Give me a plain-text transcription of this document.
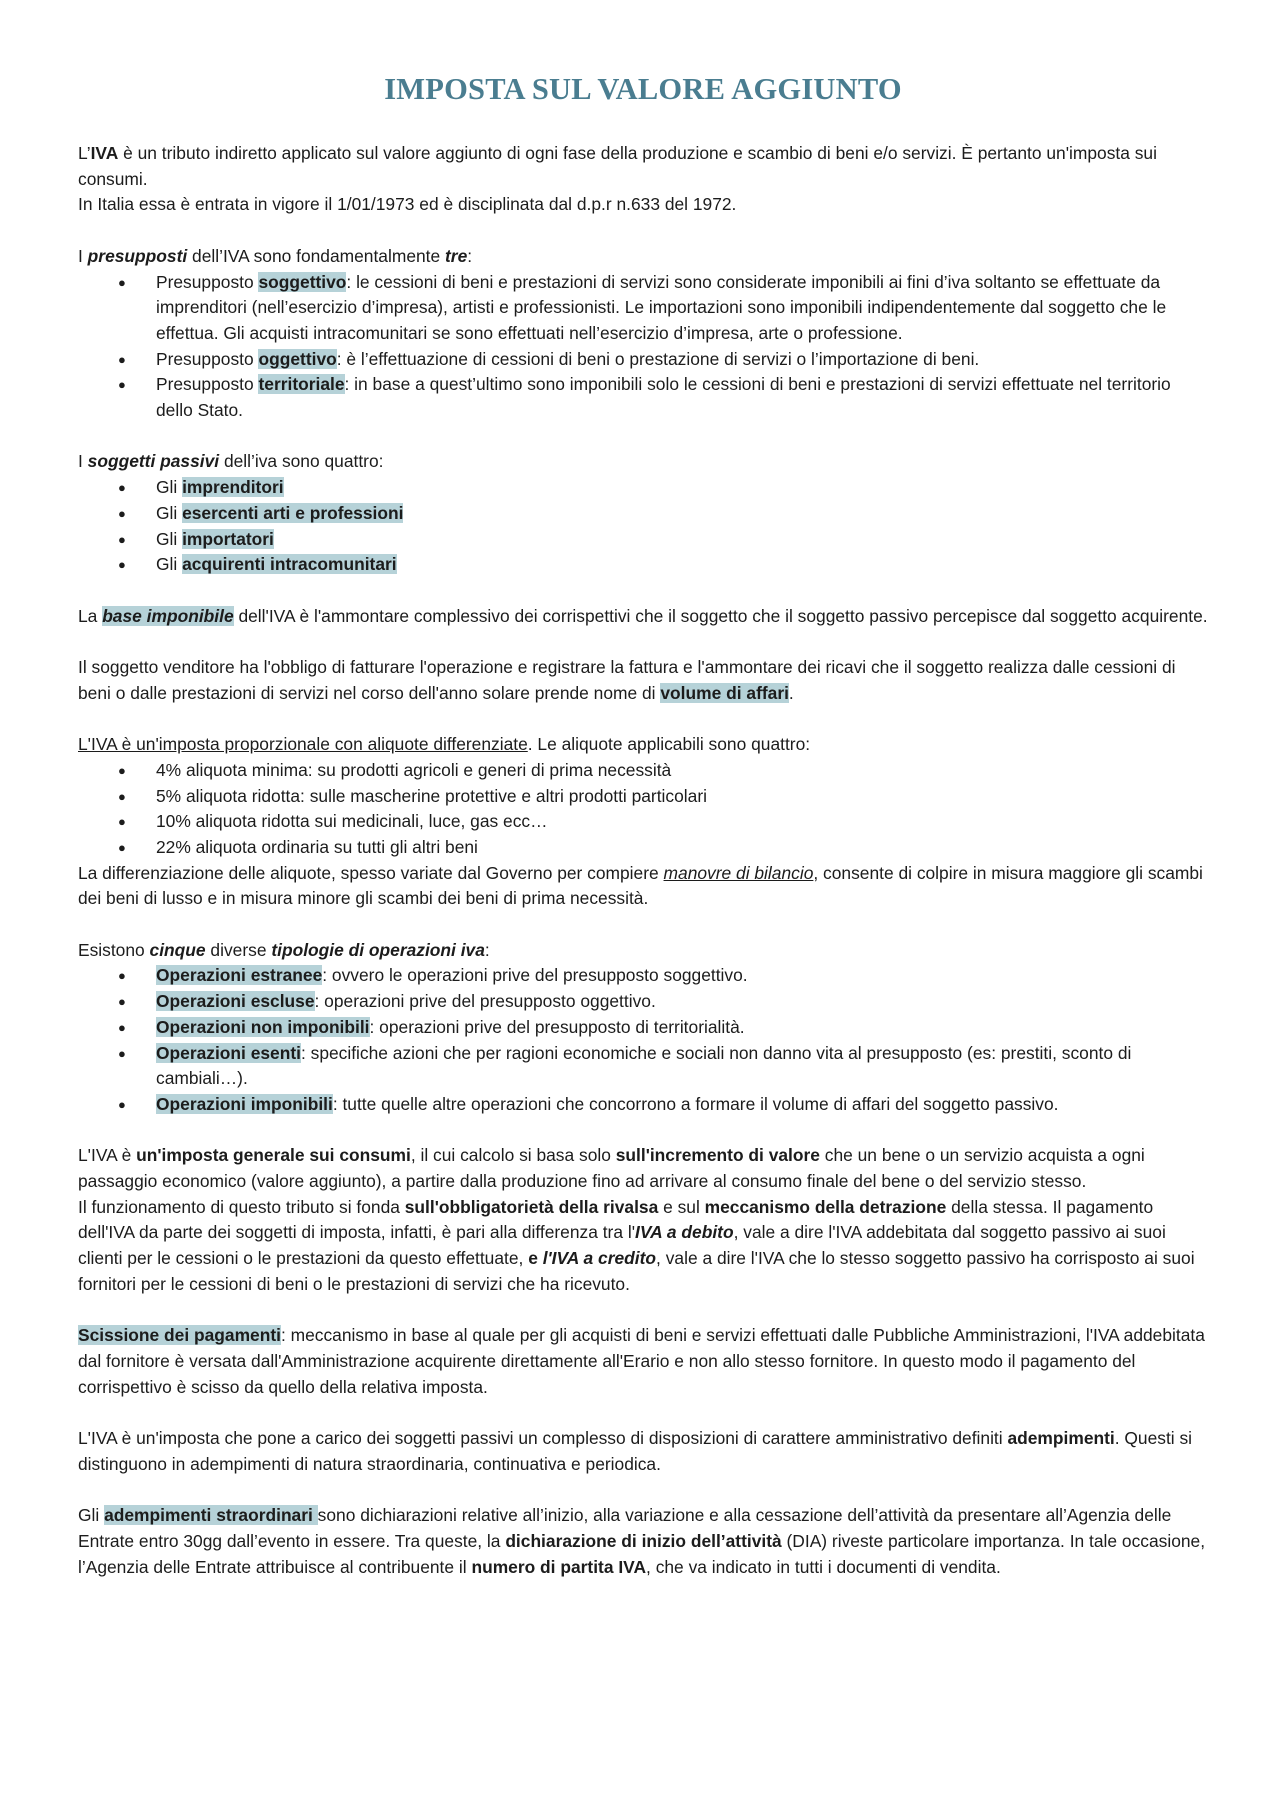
IMPOSTA SUL VALORE AGGIUNTO

L’IVA è un tributo indiretto applicato sul valore aggiunto di ogni fase della produzione e scambio di beni e/o servizi. È pertanto un'imposta sui consumi.
In Italia essa è entrata in vigore il 1/01/1973 ed è disciplinata dal d.p.r n.633 del 1972.

I presupposti dell’IVA sono fondamentalmente tre:

● Presupposto soggettivo: le cessioni di beni e prestazioni di servizi sono considerate imponibili ai fini d’iva soltanto se effettuate da imprenditori (nell’esercizio d’impresa), artisti e professionisti. Le importazioni sono imponibili indipendentemente dal soggetto che le effettua. Gli acquisti intracomunitari se sono effettuati nell’esercizio d’impresa, arte o professione.
● Presupposto oggettivo: è l’effettuazione di cessioni di beni o prestazione di servizi o l’importazione di beni.
● Presupposto territoriale: in base a quest’ultimo sono imponibili solo le cessioni di beni e prestazioni di servizi effettuate nel territorio dello Stato.

I soggetti passivi dell’iva sono quattro:

● Gli imprenditori
● Gli esercenti arti e professioni
● Gli importatori
● Gli acquirenti intracomunitari

La base imponibile dell'IVA è l'ammontare complessivo dei corrispettivi che il soggetto che il soggetto passivo percepisce dal soggetto acquirente.

Il soggetto venditore ha l'obbligo di fatturare l'operazione e registrare la fattura e l'ammontare dei ricavi che il soggetto realizza dalle cessioni di beni o dalle prestazioni di servizi nel corso dell'anno solare prende nome di volume di affari.

L'IVA è un'imposta proporzionale con aliquote differenziate. Le aliquote applicabili sono quattro:

● 4% aliquota minima: su prodotti agricoli e generi di prima necessità
● 5% aliquota ridotta: sulle mascherine protettive e altri prodotti particolari
● 10% aliquota ridotta sui medicinali, luce, gas ecc…
● 22% aliquota ordinaria su tutti gli altri beni

La differenziazione delle aliquote, spesso variate dal Governo per compiere manovre di bilancio, consente di colpire in misura maggiore gli scambi dei beni di lusso e in misura minore gli scambi dei beni di prima necessità.

Esistono cinque diverse tipologie di operazioni iva:

● Operazioni estranee: ovvero le operazioni prive del presupposto soggettivo.
● Operazioni escluse: operazioni prive del presupposto oggettivo.
● Operazioni non imponibili: operazioni prive del presupposto di territorialità.
● Operazioni esenti: specifiche azioni che per ragioni economiche e sociali non danno vita al presupposto (es: prestiti, sconto di cambiali…).
● Operazioni imponibili: tutte quelle altre operazioni che concorrono a formare il volume di affari del soggetto passivo.

L'IVA è un'imposta generale sui consumi, il cui calcolo si basa solo sull'incremento di valore che un bene o un servizio acquista a ogni passaggio economico (valore aggiunto), a partire dalla produzione fino ad arrivare al consumo finale del bene o del servizio stesso.
Il funzionamento di questo tributo si fonda sull'obbligatorietà della rivalsa e sul meccanismo della detrazione della stessa. Il pagamento dell'IVA da parte dei soggetti di imposta, infatti, è pari alla differenza tra l'IVA a debito, vale a dire l'IVA addebitata dal soggetto passivo ai suoi clienti per le cessioni o le prestazioni da questo effettuate, e l'IVA a credito, vale a dire l'IVA che lo stesso soggetto passivo ha corrisposto ai suoi fornitori per le cessioni di beni o le prestazioni di servizi che ha ricevuto.

Scissione dei pagamenti: meccanismo in base al quale per gli acquisti di beni e servizi effettuati dalle Pubbliche Amministrazioni, l'IVA addebitata dal fornitore è versata dall'Amministrazione acquirente direttamente all'Erario e non allo stesso fornitore. In questo modo il pagamento del corrispettivo è scisso da quello della relativa imposta.

L'IVA è un'imposta che pone a carico dei soggetti passivi un complesso di disposizioni di carattere amministrativo definiti adempimenti. Questi si distinguono in adempimenti di natura straordinaria, continuativa e periodica.

Gli adempimenti straordinari sono dichiarazioni relative all’inizio, alla variazione e alla cessazione dell’attività da presentare all’Agenzia delle Entrate entro 30gg dall’evento in essere. Tra queste, la dichiarazione di inizio dell’attività (DIA) riveste particolare importanza. In tale occasione, l’Agenzia delle Entrate attribuisce al contribuente il numero di partita IVA, che va indicato in tutti i documenti di vendita.
